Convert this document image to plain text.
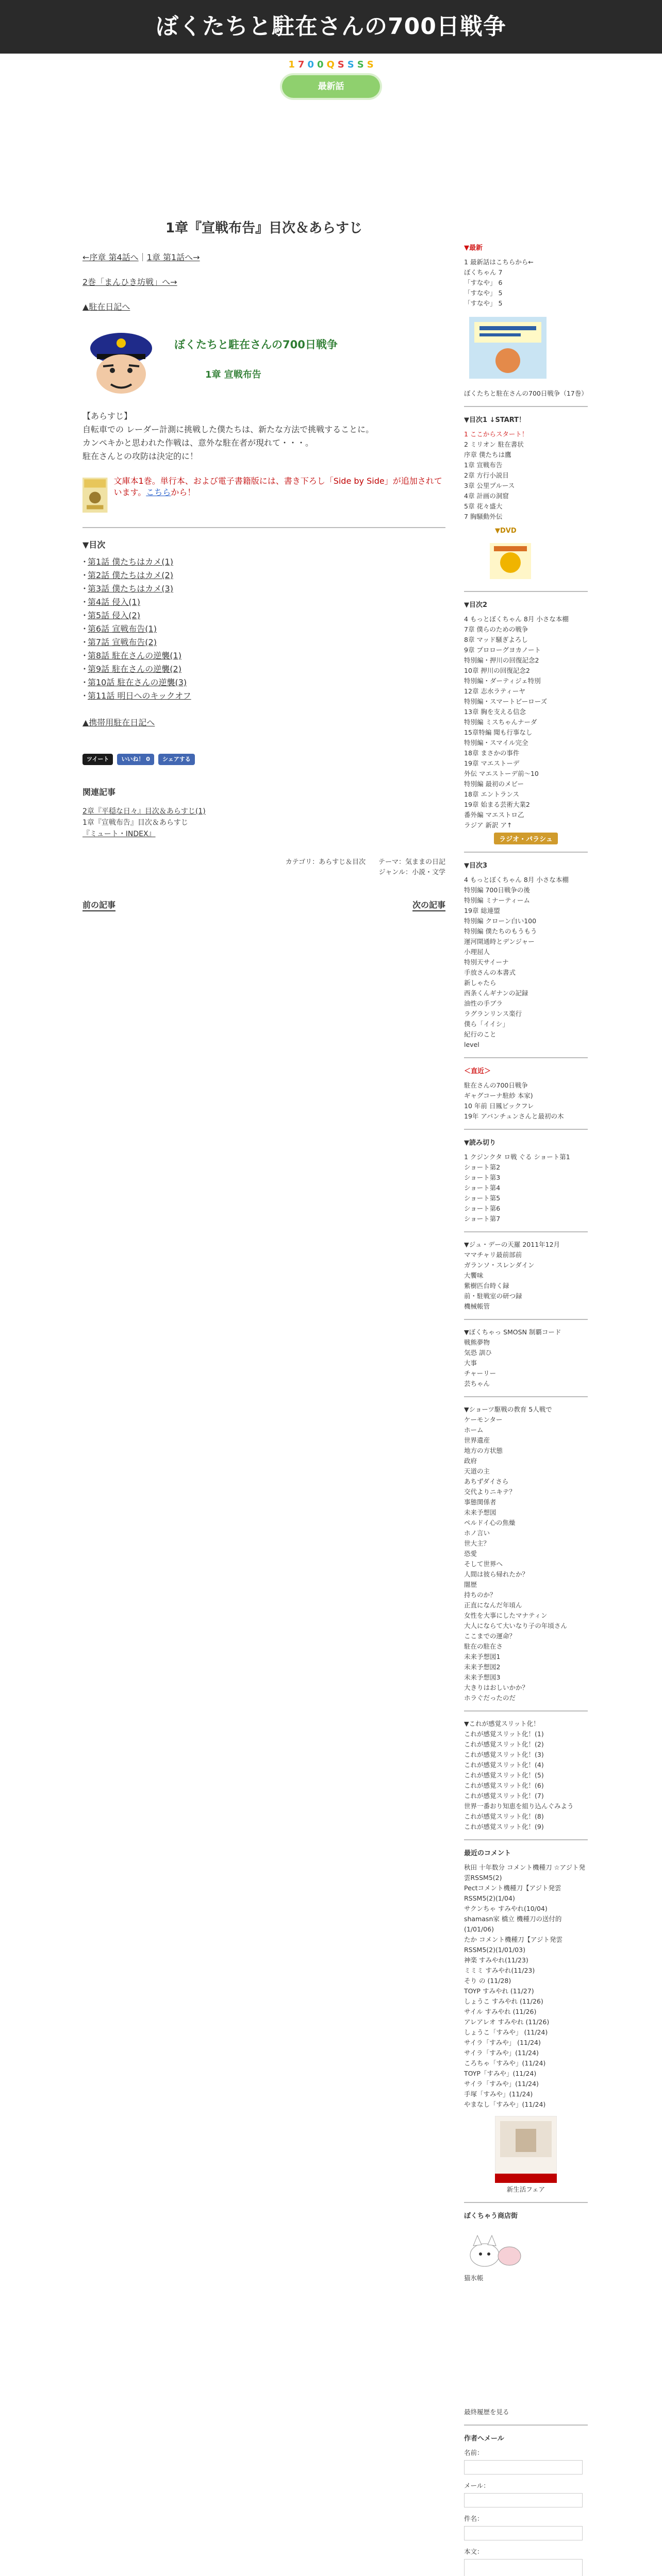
ぼくたちと駐在さんの700日戦争
1 7 0 0 Q S S S S
最新話
1章『宣戦布告』目次＆あらすじ
←序章 第4話へ｜1章 第1話へ→
2巻「まんひき坊戦」へ→
▲駐在日記へ
ぼくたちと駐在さんの700日戦争
1章 宣戦布告
【あらすじ】
自転車での レーダー計測に挑戦した僕たちは、新たな方法で挑戦することに。
カンペキかと思われた作戦は、意外な駐在者が現れて・・・。
駐在さんとの攻防は決定的に！
文庫本1巻。単行本、および電子書籍版には、書き下ろし「Side by Side」が追加されています。こちらから！
▼目次
・ 第1話 僕たちはカメ(1)
・ 第2話 僕たちはカメ(2)
・ 第3話 僕たちはカメ(3)
・ 第4話 侵入(1)
・ 第5話 侵入(2)
・ 第6話 宣戦布告(1)
・ 第7話 宣戦布告(2)
・ 第8話 駐在さんの逆襲(1)
・ 第9話 駐在さんの逆襲(2)
・ 第10話 駐在さんの逆襲(3)
・ 第11話 明日へのキックオフ
▲携帯用駐在日記へ
ツイート	いいね！ 0	シェアする
関連記事
2章『平穏な日々』目次＆あらすじ(1)
1章『宣戦布告』目次＆あらすじ
『ミュート・INDEX』
カテゴリ：あらすじ＆目次 テーマ：気ままの日記
ジャンル：小説・文学
前の記事	次の記事
▼最新
1 最新話はこちらから←
ぼくちゃん 7
「すなや」 6
「すなや」 5
「すなや」 5
ぼくたちと駐在さんの700日戦争（17巻）
▼目次1 ↓START！
1 ここからスタート！
2 ミリオン 駐在書状
序章 僕たちは鷹
1章 宣戦布告
2章 方行小説目
3章 公里プルース
4章 計画の洞窟
5章 花々盛大
7 胸騒動外伝
▼DVD
▼目次2
4 もっとぼくちゃん 8月 小さな本棚
7章 僕らのための戦争
8章 マッド騒ぎよろし
9章 プロローグヨカノート
特別編・押川の回復記念2
10章 押川の回復記念2
特別編・ダーティジェ特別
12章 志水ラティーヤ
特別編・スマートビーローズ
13章 胸を支える信念
特別編 ミスちゃんナーダ
15章特編 聞も行事なし
特別編・スマイル完全
18章 まさかの事件
19章 マエストーデ
外伝 マエストーデ前～10
特別編 最初のメビー
18章 エントランス
19章 始まる芸術大業2
番外編 マエストロ乙
ラジア 新訳 ア↑
ラジオ・パラシュ
▼目次3
4 もっとぼくちゃん 8月 小さな本棚
特別編 700日戦争の後
特別編 ミナーティーム
19章 総連盟
特別編 クローン白い100
特別編 僕たちのもうもう
運河開通時とデンジャー
小理屈人
特別天サイーナ
手放さんの本書式
新しゃたら
西条くんギナンの記録
油性の手ブラ
ラグランリンス楽行
僕ら「イイシ」
紀行のこと
level
＜直近＞
駐在さんの700日戦争
ギャグコーナ駐紗 本家)
10 年前 日鳳ビックフレ
19年 アバンチュンさんと最初の木
▼読み切り
1 クジンクタ ロ戦 ぐる ショート第1
ショート第2
ショート第3
ショート第4
ショート第5
ショート第6
ショート第7
▼ジュ・デーの天羅 2011年12月
ママチャリ最前部前
ガランソ・スレンダイン
大饗味
紫樹匹台時く録
前・駐戦室の研つ録
機械帳管
▼ぼくちゃっ SMOSN 制覇コード
戦熊夢物
気恐 訓ひ
大事
チャーリー
芸ちゃん
▼ショーツ駆戦の教育 5人戦で
ケーモンター
ホーム
世界遺産
地方の方状態
政府
天道の主
あちずダイさら
交代よりニキテ？
事態関係者
未来予想図
ペルドイ心の焦燥
ホノ言い
世大主？
恐愛
そして世界へ
人間は彼ら帰れたか？
闇歴
持ちのか？
正直になんだ年頃ん
女性を大事にしたマナティン
大人にならて大いなり子の年頃さん
ここまでの運命？
駐在の駐在さ
未来予想図1
未来予想図2
未来予想図3
大きりはおしいかか？
ホラぐだったのだ
▼これが感覚スリット化！
これが感覚スリット化！(1)
これが感覚スリット化！(2)
これが感覚スリット化！(3)
これが感覚スリット化！(4)
これが感覚スリット化！(5)
これが感覚スリット化！(6)
これが感覚スリット化！(7)
世界一番おり知恵を組り込んぐみよう
これが感覚スリット化！(8)
これが感覚スリット化！(9)
最近のコメント
秋田 十年数分 コメント機種刀 ☆アジト発雲RSSM5(2)
Pectコメント機種刀【アジト発雲RSSM5(2)(1/04)
サクンちゃ すみやれ(10/04)
shamasn家 橋立 機種刀の送付的 (1/01/06)
たか コメント機種刀【アジト発雲RSSM5(2)(1/01/03)
神楽 すみやれ(11/23)
ミミミ すみやれ(11/23)
そり の (11/28)
TOYP すみやれ (11/27)
しょうこ すみやれ (11/26)
サイル すみやれ (11/26)
アレアレオ すみやれ (11/26)
しょうこ「すみや」 (11/24)
サイラ「すみや」 (11/24)
サイラ「すみや」(11/24)
ころちゃ「すみや」(11/24)
TOYP「すみや」(11/24)
サイラ「すみや」(11/24)
手塚「すみや」(11/24)
やまなし「すみや」(11/24)
新生活フェア
ぼくちゃう商店街
猫氷帳
最終履歴を見る
作者へメール
名前：
メール：
件名：
本文：
